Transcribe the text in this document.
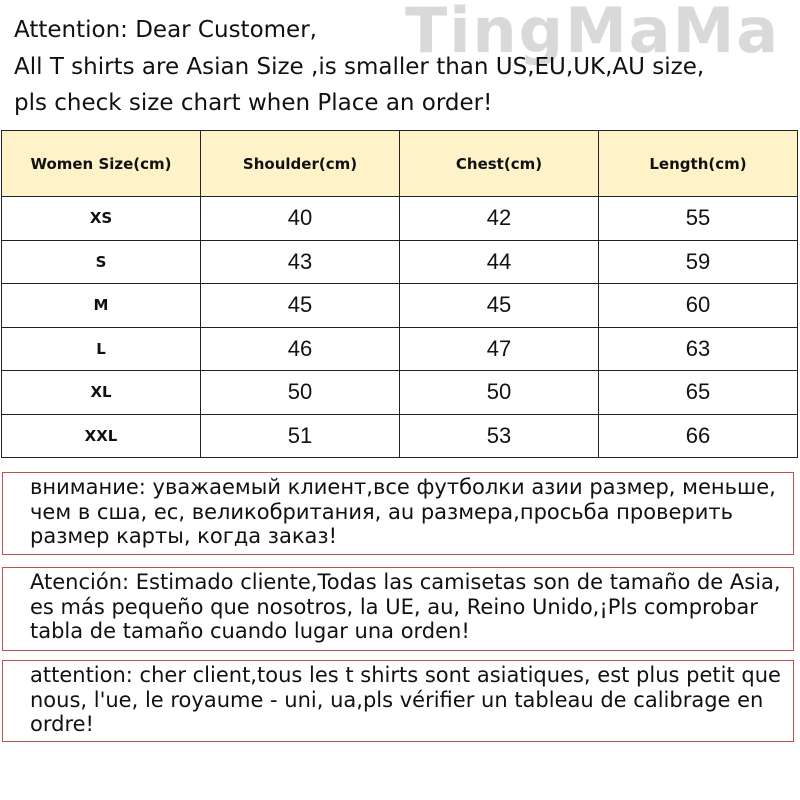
TingMaMa
Attention: Dear Customer,
All T shirts are Asian Size ,is smaller than US,EU,UK,AU size,
pls check size chart when Place an order!
Women Size(cm)	Shoulder(cm)	Chest(cm)	Length(cm)
XS	40	42	55
S	43	44	59
M	45	45	60
L	46	47	63
XL	50	50	65
XXL	51	53	66
внимание: уважаемый клиент,все футболки азии размер, меньше, чем в сша, ес, великобритания, au размера,просьба проверить размер карты, когда заказ!
Atención: Estimado cliente,Todas las camisetas son de tamaño de Asia, es más pequeño que nosotros, la UE, au, Reino Unido,¡Pls comprobar tabla de tamaño cuando lugar una orden!
attention: cher client,tous les t shirts sont asiatiques, est plus petit que nous, l'ue, le royaume - uni, ua,pls vérifier un tableau de calibrage en ordre!
